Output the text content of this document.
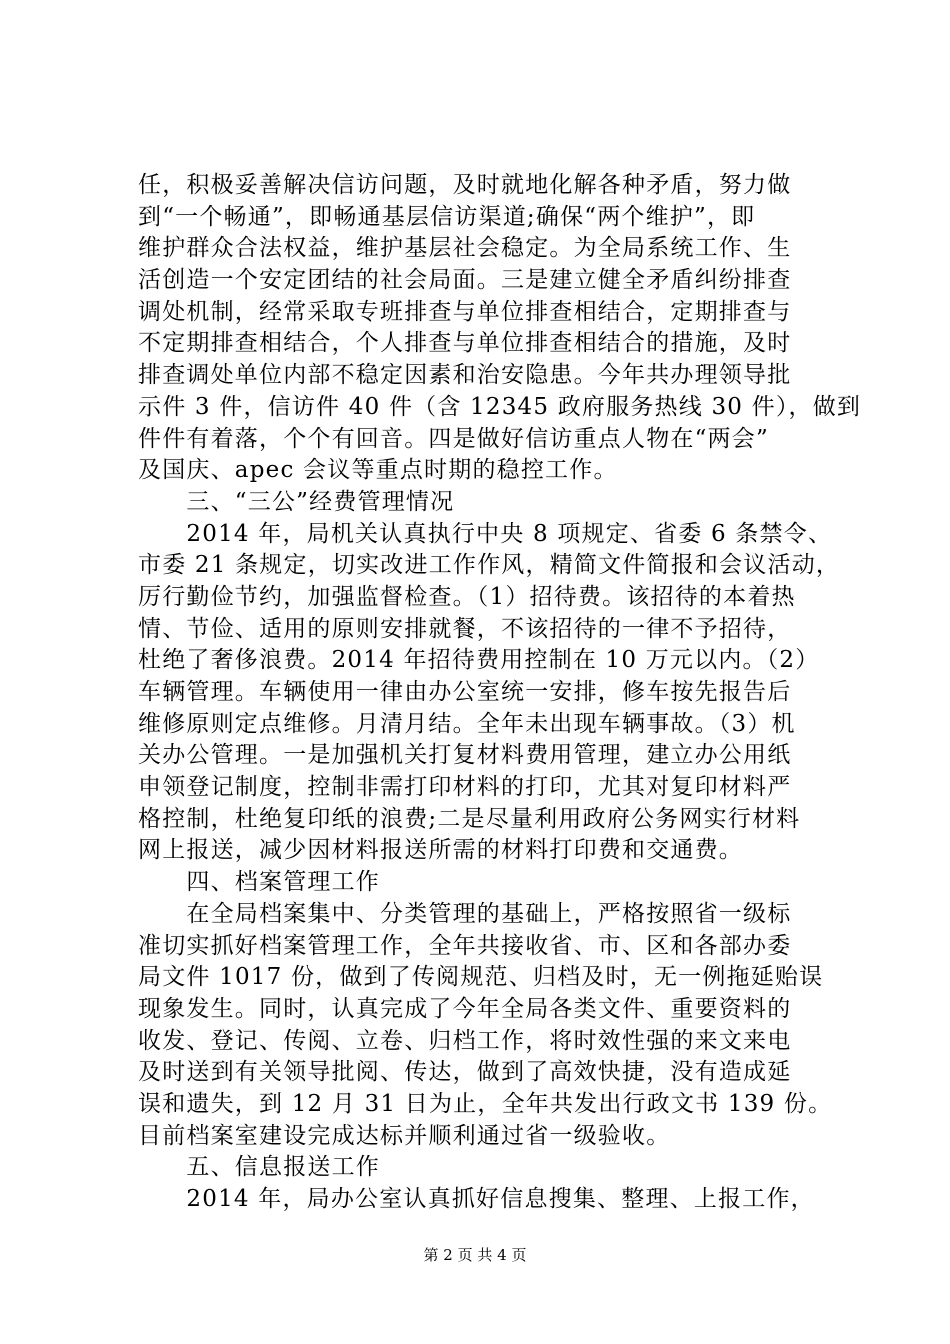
任，积极妥善解决信访问题，及时就地化解各种矛盾，努力做
到“一个畅通”，即畅通基层信访渠道;确保“两个维护”，即
维护群众合法权益，维护基层社会稳定。为全局系统工作、生
活创造一个安定团结的社会局面。三是建立健全矛盾纠纷排查
调处机制，经常采取专班排查与单位排查相结合，定期排查与
不定期排查相结合，个人排查与单位排查相结合的措施，及时
排查调处单位内部不稳定因素和治安隐患。今年共办理领导批
示件 3 件，信访件 40 件（含 12345 政府服务热线 30 件），做到
件件有着落，个个有回音。四是做好信访重点人物在“两会”
及国庆、apec 会议等重点时期的稳控工作。
　　三、“三公”经费管理情况
　　2014 年，局机关认真执行中央 8 项规定、省委 6 条禁令、
市委 21 条规定，切实改进工作作风，精简文件简报和会议活动，
厉行勤俭节约，加强监督检查。（1）招待费。该招待的本着热
情、节俭、适用的原则安排就餐，不该招待的一律不予招待，
杜绝了奢侈浪费。2014 年招待费用控制在 10 万元以内。（2）
车辆管理。车辆使用一律由办公室统一安排，修车按先报告后
维修原则定点维修。月清月结。全年未出现车辆事故。（3）机
关办公管理。一是加强机关打复材料费用管理，建立办公用纸
申领登记制度，控制非需打印材料的打印，尤其对复印材料严
格控制，杜绝复印纸的浪费;二是尽量利用政府公务网实行材料
网上报送，减少因材料报送所需的材料打印费和交通费。
　　四、档案管理工作
　　在全局档案集中、分类管理的基础上，严格按照省一级标
准切实抓好档案管理工作，全年共接收省、市、区和各部办委
局文件 1017 份，做到了传阅规范、归档及时，无一例拖延贻误
现象发生。同时，认真完成了今年全局各类文件、重要资料的
收发、登记、传阅、立卷、归档工作，将时效性强的来文来电
及时送到有关领导批阅、传达，做到了高效快捷，没有造成延
误和遗失，到 12 月 31 日为止，全年共发出行政文书 139 份。
目前档案室建设完成达标并顺利通过省一级验收。
　　五、信息报送工作
　　2014 年，局办公室认真抓好信息搜集、整理、上报工作，
第 2 页 共 4 页
